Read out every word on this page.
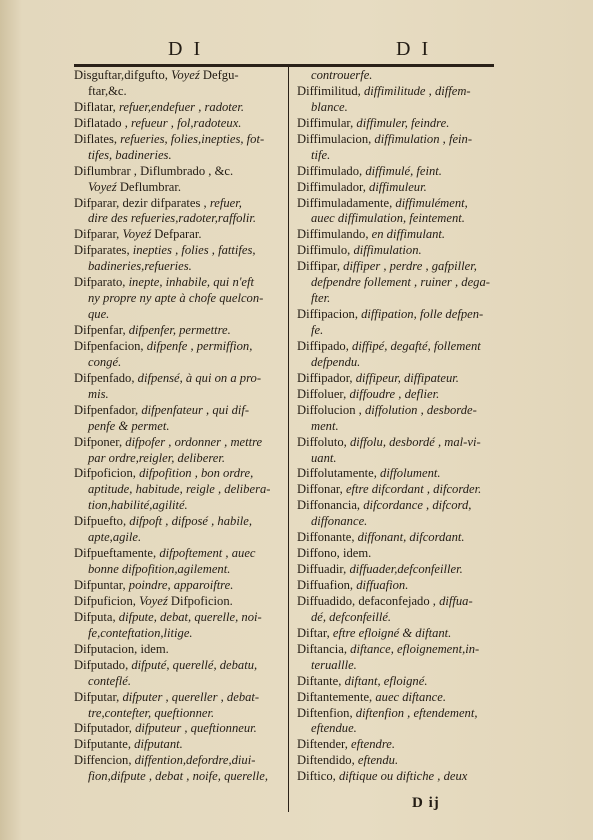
D I	D I
Disguftar,difgufto, Voyeź Defgu-
ftar,&c.
Diflatar, refuer,endefuer , radoter.
Diflatado , refueur , fol,radoteux.
Diflates, refueries, folies,inepties, fot-
tifes, badineries.
Diflumbrar , Diflumbrado , &c.
Voyeź Deflumbrar.
Difparar, dezir difparates , refuer,
dire des refueries,radoter,raffolir.
Difparar, Voyeź Defparar.
Difparates, inepties , folies , fattifes,
badineries,refueries.
Difparato, inepte, inhabile, qui n'eft
ny propre ny apte à chofe quelcon-
que.
Difpenfar, difpenfer, permettre.
Difpenfacion, difpenfe , permiffion,
congé.
Difpenfado, difpensé, à qui on a pro-
mis.
Difpenfador, difpenfateur , qui dif-
penfe & permet.
Difponer, difpofer , ordonner , mettre
par ordre,reigler, deliberer.
Difpoficion, difpofition , bon ordre,
aptitude, habitude, reigle , delibera-
tion,habilité,agilité.
Difpuefto, difpoft , difposé , habile,
apte,agile.
Difpueftamente, difpoftement , auec
bonne difpofition,agilement.
Difpuntar, poindre, apparoiftre.
Difpuficion, Voyeź Difpoficion.
Difputa, difpute, debat, querelle, noi-
fe,conteftation,litige.
Difputacion, idem.
Difputado, difputé, querellé, debatu,
conteflé.
Difputar, difputer , quereller , debat-
tre,contefter, queftionner.
Difputador, difputeur , queftionneur.
Difputante, difputant.
Diffencion, diffention,defordre,diui-
fion,difpute , debat , noife, querelle,
controuerfe.
Diffimilitud, diffimilitude , diffem-
blance.
Diffimular, diffimuler, feindre.
Diffimulacion, diffimulation , fein-
tife.
Diffimulado, diffimulé, feint.
Diffimulador, diffimuleur.
Diffimuladamente, diffimulément,
auec diffimulation, feintement.
Diffimulando, en diffimulant.
Diffimulo, diffimulation.
Diffipar, diffiper , perdre , gafpiller,
defpendre follement , ruiner , dega-
fter.
Diffipacion, diffipation, folle defpen-
fe.
Diffipado, diffipé, degafté, follement
defpendu.
Diffipador, diffipeur, diffipateur.
Diffoluer, diffoudre , deflier.
Diffolucion , diffolution , desborde-
ment.
Diffoluto, diffolu, desbordé , mal-vi-
uant.
Diffolutamente, diffolument.
Diffonar, eftre difcordant , difcorder.
Diffonancia, difcordance , difcord,
diffonance.
Diffonante, diffonant, difcordant.
Diffono, idem.
Diffuadir, diffuader,defconfeiller.
Diffuafion, diffuafion.
Diffuadido, defaconfejado , diffua-
dé, defconfeillé.
Diftar, eftre efloigné & diftant.
Diftancia, diftance, efloignement,in-
teruallle.
Diftante, diftant, efloigné.
Diftantemente, auec diftance.
Diftenfion, diftenfion , eftendement,
eftendue.
Diftender, eftendre.
Diftendido, eftendu.
Diftico, diftique ou diftiche , deux
D ij
